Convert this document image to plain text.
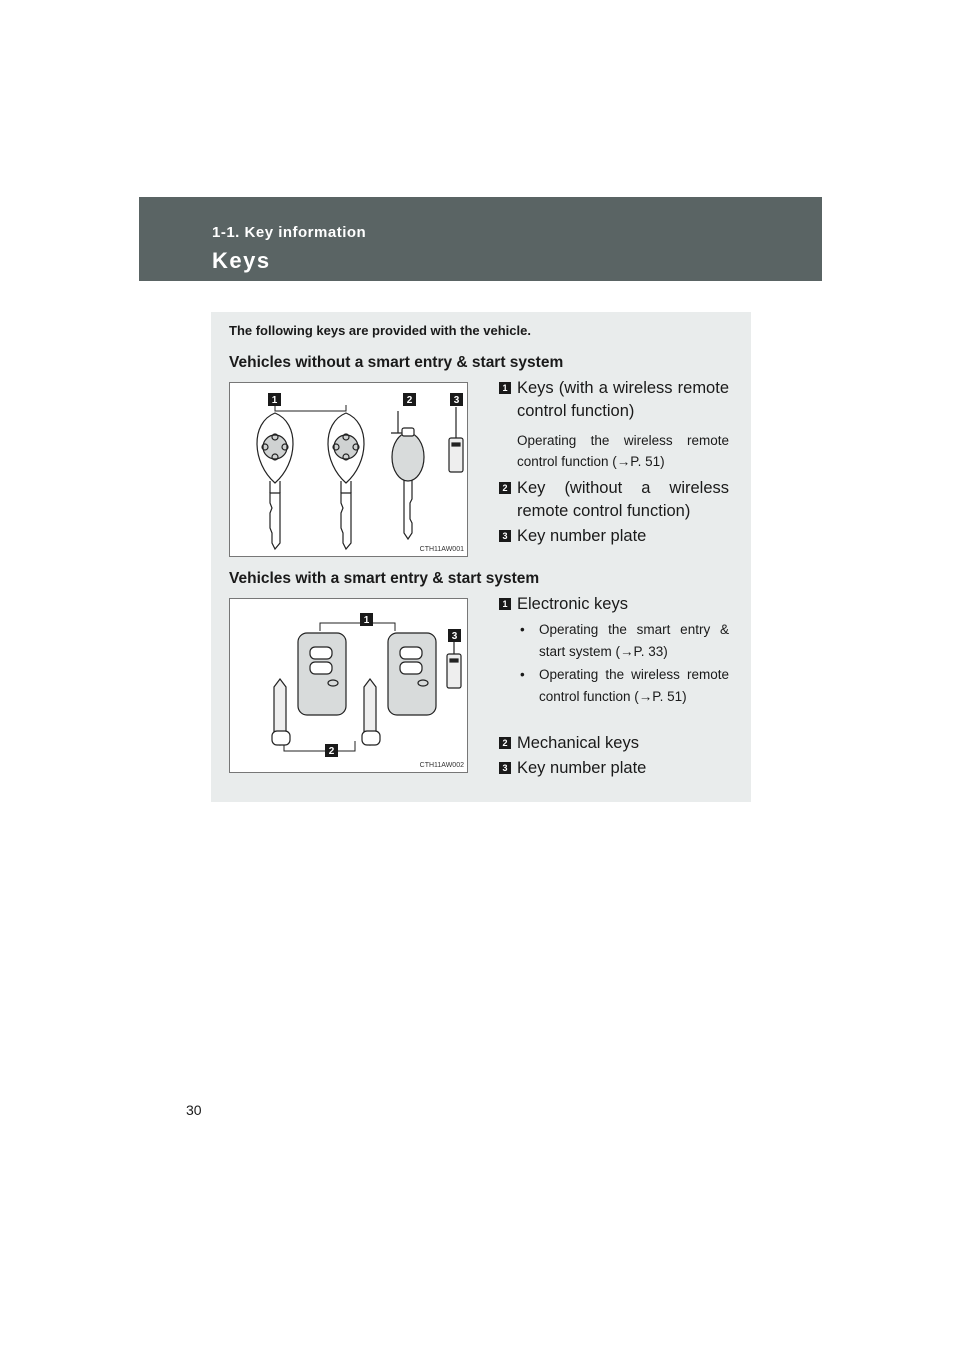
1-1. Key information
Keys
The following keys are provided with the vehicle.
Vehicles without a smart entry & start system
1	2	3
CTH11AW001
1 Keys (with a wireless remote control function)
Operating the wireless remote control function (→P. 51)
2 Key (without a wireless remote control function)
3 Key number plate
Vehicles with a smart entry & start system
1
2
3
CTH11AW002
1 Electronic keys
•	Operating the smart entry & start system (→P. 33)
•	Operating the wireless remote control function (→P. 51)
2 Mechanical keys
3 Key number plate
30
